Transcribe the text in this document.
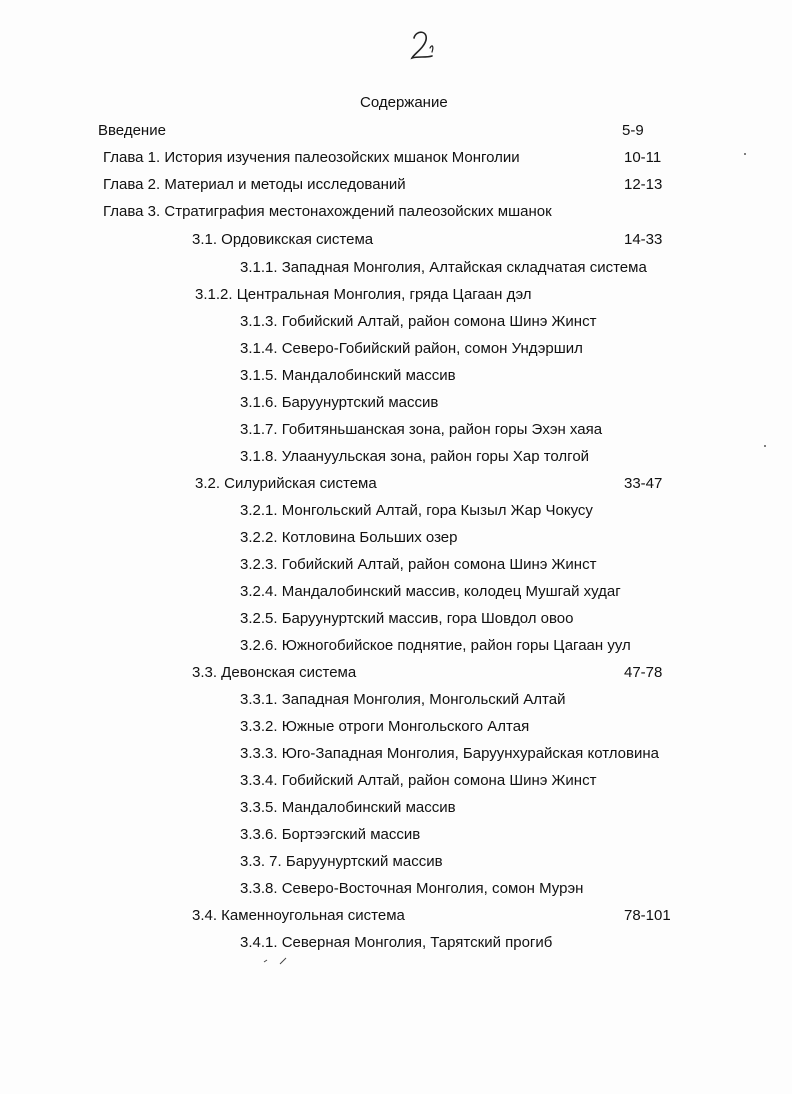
Содержание
Введение	5-9
Глава 1. История изучения палеозойских мшанок Монголии	10-11
Глава 2. Материал и методы исследований	12-13
Глава 3. Стратиграфия местонахождений палеозойских мшанок
3.1. Ордовикская система	14-33
3.1.1. Западная Монголия, Алтайская складчатая система
3.1.2. Центральная Монголия, гряда Цагаан дэл
3.1.3. Гобийский Алтай, район сомона Шинэ Жинст
3.1.4. Северо-Гобийский район, сомон Ундэршил
3.1.5. Мандалобинский массив
3.1.6. Баруунуртский массив
3.1.7. Гобитяньшанская зона, район горы Эхэн хаяа
3.1.8. Улаануульская зона, район горы Хар толгой
3.2. Силурийская система	33-47
3.2.1. Монгольский Алтай, гора Кызыл Жар Чокусу
3.2.2. Котловина Больших озер
3.2.3. Гобийский Алтай, район сомона Шинэ Жинст
3.2.4. Мандалобинский массив, колодец Мушгай худаг
3.2.5. Баруунуртский массив, гора Шовдол овоо
3.2.6. Южногобийское поднятие, район горы Цагаан уул
3.3. Девонская система	47-78
3.3.1. Западная Монголия, Монгольский Алтай
3.3.2. Южные отроги Монгольского Алтая
3.3.3. Юго-Западная Монголия, Баруунхурайская котловина
3.3.4. Гобийский Алтай, район сомона Шинэ Жинст
3.3.5. Мандалобинский массив
3.3.6. Бортээгский массив
3.3. 7. Баруунуртский массив
3.3.8. Северо-Восточная Монголия, сомон Мурэн
3.4. Каменноугольная система	78-101
3.4.1. Северная Монголия, Тарятский прогиб
